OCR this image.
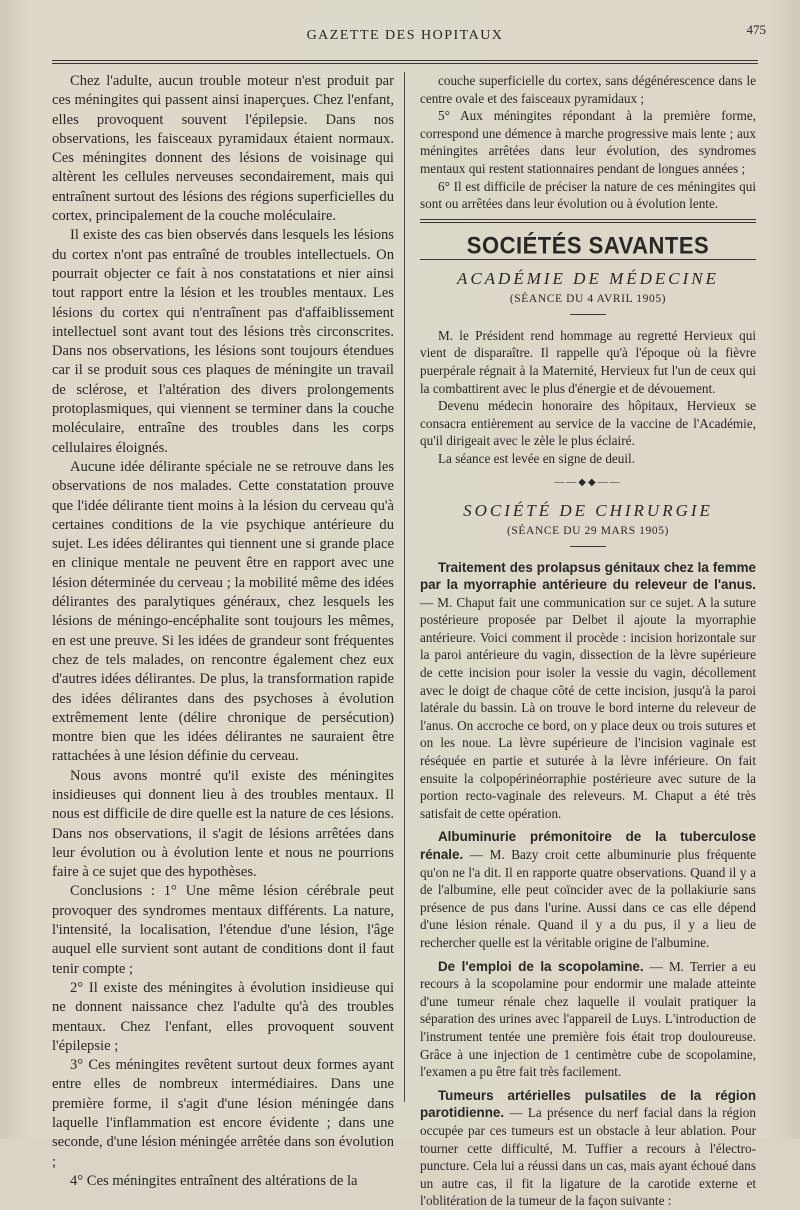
GAZETTE DES HOPITAUX	475

Chez l'adulte, aucun trouble moteur n'est produit par ces méningites qui passent ainsi inaperçues. Chez l'enfant, elles provoquent souvent l'épilepsie. Dans nos observations, les faisceaux pyramidaux étaient normaux. Ces méningites donnent des lésions de voisinage qui altèrent les cellules nerveuses secondairement, mais qui entraînent surtout des lésions des régions superficielles du cortex, principalement de la couche moléculaire.

Il existe des cas bien observés dans lesquels les lésions du cortex n'ont pas entraîné de troubles intellectuels. On pourrait objecter ce fait à nos constatations et nier ainsi tout rapport entre la lésion et les troubles mentaux. Les lésions du cortex qui n'entraînent pas d'affaiblissement intellectuel sont avant tout des lésions très circonscrites. Dans nos observations, les lésions sont toujours étendues car il se produit sous ces plaques de méningite un travail de sclérose, et l'altération des divers prolongements protoplasmiques, qui viennent se terminer dans la couche moléculaire, entraîne des troubles dans les corps cellulaires éloignés.

Aucune idée délirante spéciale ne se retrouve dans les observations de nos malades. Cette constatation prouve que l'idée délirante tient moins à la lésion du cerveau qu'à certaines conditions de la vie psychique antérieure du sujet. Les idées délirantes qui tiennent une si grande place en clinique mentale ne peuvent être en rapport avec une lésion déterminée du cerveau ; la mobilité même des idées délirantes des paralytiques généraux, chez lesquels les lésions de méningo-encéphalite sont toujours les mêmes, en est une preuve. Si les idées de grandeur sont fréquentes chez de tels malades, on rencontre également chez eux d'autres idées délirantes. De plus, la transformation rapide des idées délirantes dans des psychoses à évolution extrêmement lente (délire chronique de persécution) montre bien que les idées délirantes ne sauraient être rattachées à une lésion définie du cerveau.

Nous avons montré qu'il existe des méningites insidieuses qui donnent lieu à des troubles mentaux. Il nous est difficile de dire quelle est la nature de ces lésions. Dans nos observations, il s'agit de lésions arrêtées dans leur évolution ou à évolution lente et nous ne pourrions faire à ce sujet que des hypothèses.

Conclusions : 1° Une même lésion cérébrale peut provoquer des syndromes mentaux différents. La nature, l'intensité, la localisation, l'étendue d'une lésion, l'âge auquel elle survient sont autant de conditions dont il faut tenir compte ;

2° Il existe des méningites à évolution insidieuse qui ne donnent naissance chez l'adulte qu'à des troubles mentaux. Chez l'enfant, elles provoquent souvent l'épilepsie ;

3° Ces méningites revêtent surtout deux formes ayant entre elles de nombreux intermédiaires. Dans une première forme, il s'agit d'une lésion méningée dans laquelle l'inflammation est encore évidente ; dans une seconde, d'une lésion méningée arrêtée dans son évolution ;

4° Ces méningites entraînent des altérations de la

couche superficielle du cortex, sans dégénérescence dans le centre ovale et des faisceaux pyramidaux ;

5° Aux méningites répondant à la première forme, correspond une démence à marche progressive mais lente ; aux méningites arrêtées dans leur évolution, des syndromes mentaux qui restent stationnaires pendant de longues années ;

6° Il est difficile de préciser la nature de ces méningites qui sont ou arrêtées dans leur évolution ou à évolution lente.

SOCIÉTÉS SAVANTES
ACADÉMIE DE MÉDECINE
(SÉANCE DU 4 AVRIL 1905)

M. le Président rend hommage au regretté Hervieux qui vient de disparaître. Il rappelle qu'à l'époque où la fièvre puerpérale régnait à la Maternité, Hervieux fut l'un de ceux qui la combattirent avec le plus d'énergie et de dévouement.

Devenu médecin honoraire des hôpitaux, Hervieux se consacra entièrement au service de la vaccine de l'Académie, qu'il dirigeait avec le zèle le plus éclairé.

La séance est levée en signe de deuil.

——◆◆——
SOCIÉTÉ DE CHIRURGIE
(SÉANCE DU 29 MARS 1905)

Traitement des prolapsus génitaux chez la femme par la myorraphie antérieure du releveur de l'anus. — M. Chaput fait une communication sur ce sujet. A la suture postérieure proposée par Delbet il ajoute la myorraphie antérieure. Voici comment il procède : incision horizontale sur la paroi antérieure du vagin, dissection de la lèvre supérieure de cette incision pour isoler la vessie du vagin, décollement avec le doigt de chaque côté de cette incision, jusqu'à la paroi latérale du bassin. Là on trouve le bord interne du releveur de l'anus. On accroche ce bord, on y place deux ou trois sutures et on les noue. La lèvre supérieure de l'incision vaginale est réséquée en partie et suturée à la lèvre inférieure. On fait ensuite la colpopérinéorraphie postérieure avec suture de la portion recto-vaginale des releveurs. M. Chaput a été très satisfait de cette opération.

Albuminurie prémonitoire de la tuberculose rénale. — M. Bazy croit cette albuminurie plus fréquente qu'on ne l'a dit. Il en rapporte quatre observations. Quand il y a de l'albumine, elle peut coïncider avec de la pollakiurie sans présence de pus dans l'urine. Aussi dans ce cas elle dépend d'une lésion rénale. Quand il y a du pus, il y a lieu de rechercher quelle est la véritable origine de l'albumine.

De l'emploi de la scopolamine. — M. Terrier a eu recours à la scopolamine pour endormir une malade atteinte d'une tumeur rénale chez laquelle il voulait pratiquer la séparation des urines avec l'appareil de Luys. L'introduction de l'instrument tentée une première fois était trop douloureuse. Grâce à une injection de 1 centimètre cube de scopolamine, l'examen a pu être fait très facilement.

Tumeurs artérielles pulsatiles de la région parotidienne. — La présence du nerf facial dans la région occupée par ces tumeurs est un obstacle à leur ablation. Pour tourner cette difficulté, M. Tuffier a recours à l'électro-puncture. Cela lui a réussi dans un cas, mais ayant échoué dans un autre cas, il fit la ligature de la carotide externe et l'oblitération de la tumeur de la façon suivante :
